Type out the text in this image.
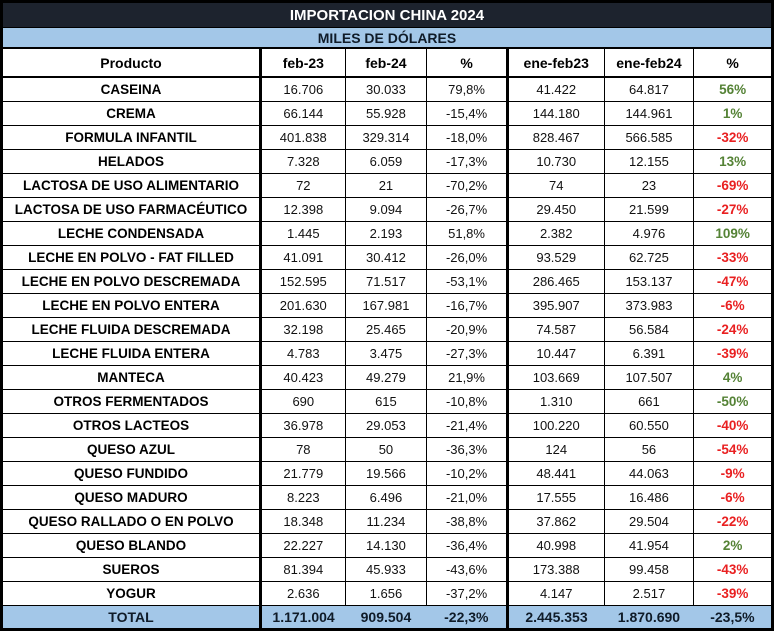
IMPORTACION CHINA 2024						
MILES DE DÓLARES						
Producto	feb-23	feb-24	%	ene-feb23	ene-feb24	%
CASEINA	16.706	30.033	79,8%	41.422	64.817	56%
CREMA	66.144	55.928	-15,4%	144.180	144.961	1%
FORMULA INFANTIL	401.838	329.314	-18,0%	828.467	566.585	-32%
HELADOS	7.328	6.059	-17,3%	10.730	12.155	13%
LACTOSA DE USO ALIMENTARIO	72	21	-70,2%	74	23	-69%
LACTOSA DE USO FARMACÉUTICO	12.398	9.094	-26,7%	29.450	21.599	-27%
LECHE CONDENSADA	1.445	2.193	51,8%	2.382	4.976	109%
LECHE EN POLVO - FAT FILLED	41.091	30.412	-26,0%	93.529	62.725	-33%
LECHE EN POLVO DESCREMADA	152.595	71.517	-53,1%	286.465	153.137	-47%
LECHE EN POLVO ENTERA	201.630	167.981	-16,7%	395.907	373.983	-6%
LECHE FLUIDA DESCREMADA	32.198	25.465	-20,9%	74.587	56.584	-24%
LECHE FLUIDA ENTERA	4.783	3.475	-27,3%	10.447	6.391	-39%
MANTECA	40.423	49.279	21,9%	103.669	107.507	4%
OTROS FERMENTADOS	690	615	-10,8%	1.310	661	-50%
OTROS LACTEOS	36.978	29.053	-21,4%	100.220	60.550	-40%
QUESO AZUL	78	50	-36,3%	124	56	-54%
QUESO FUNDIDO	21.779	19.566	-10,2%	48.441	44.063	-9%
QUESO MADURO	8.223	6.496	-21,0%	17.555	16.486	-6%
QUESO RALLADO O EN POLVO	18.348	11.234	-38,8%	37.862	29.504	-22%
QUESO BLANDO	22.227	14.130	-36,4%	40.998	41.954	2%
SUEROS	81.394	45.933	-43,6%	173.388	99.458	-43%
YOGUR	2.636	1.656	-37,2%	4.147	2.517	-39%
TOTAL	1.171.004	909.504	-22,3%	2.445.353	1.870.690	-23,5%
